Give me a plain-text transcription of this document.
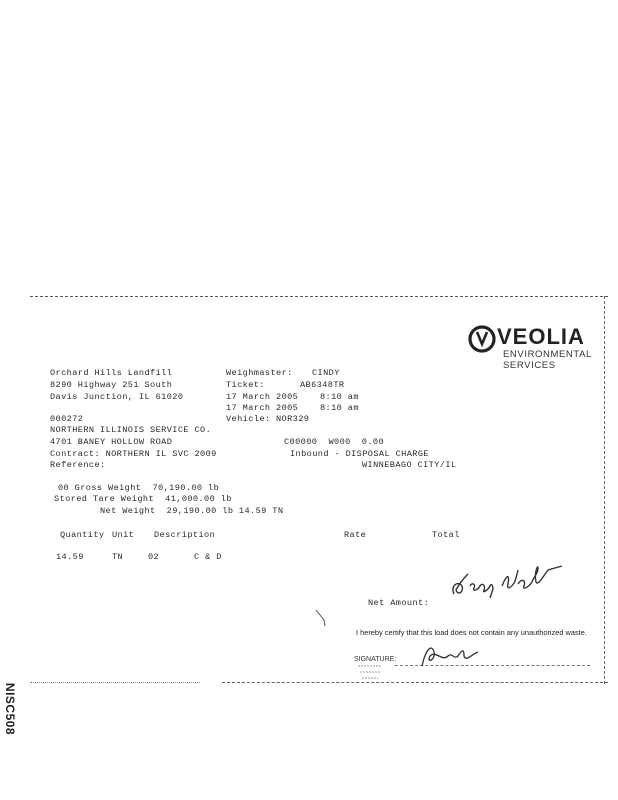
VEOLIA
ENVIRONMENTAL
SERVICES
Orchard Hills Landfill
8290 Highway 251 South
Davis Junction, IL 61020
Weighmaster: CINDY
Ticket:	AB6348TR
17 March 2005	8:10 am
17 March 2005	8:10 am
Vehicle: NOR329
000272
NORTHERN ILLINOIS SERVICE CO.
4701 BANEY HOLLOW ROAD	C00000  W000  0.00
Contract: NORTHERN IL SVC 2009	Inbound - DISPOSAL CHARGE
Reference:	WINNEBAGO CITY/IL
00 Gross Weight  70,190.00 lb
Stored Tare Weight  41,000.00 lb
Net Weight  29,190.00 lb 14.59 TN
Quantity Unit Description	Rate	Total
14.59	TN	02	C & D
Net Amount:
I hereby certify that this load does not contain any unauthorized waste.
SIGNATURE:
NISC508
